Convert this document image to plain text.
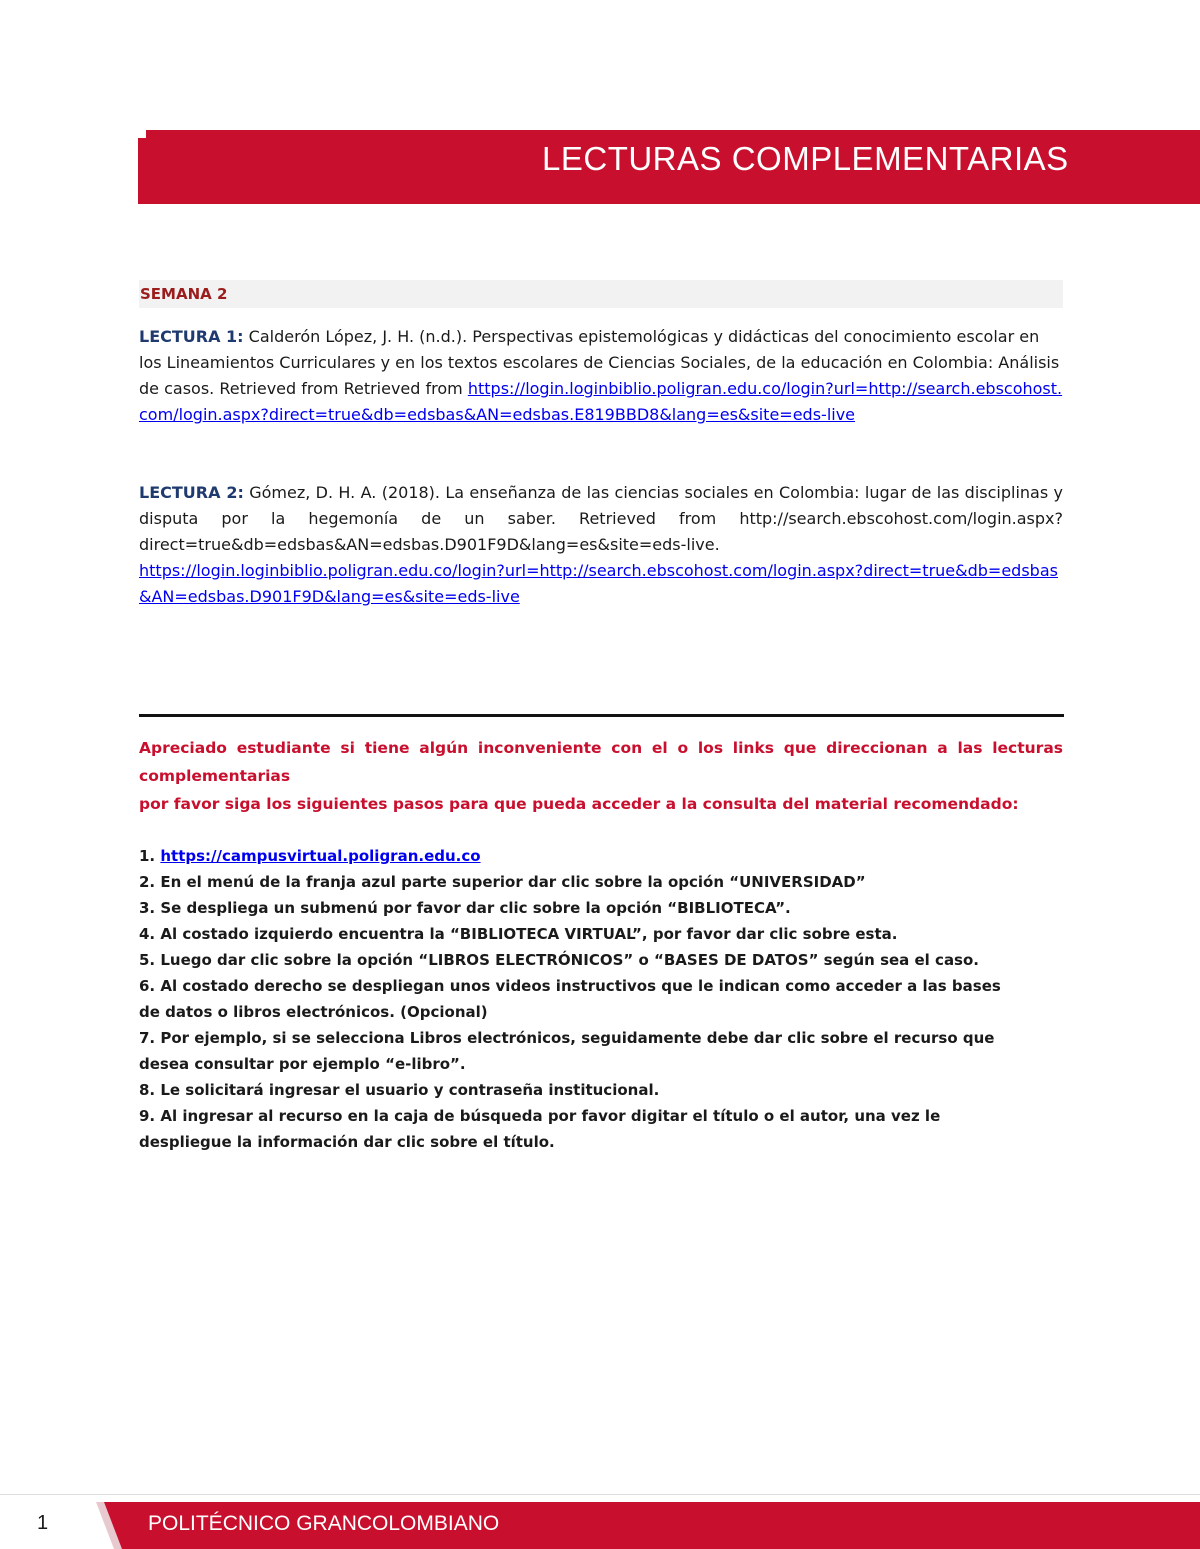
LECTURAS COMPLEMENTARIAS
SEMANA 2

LECTURA 1: Calderón López, J. H. (n.d.). Perspectivas epistemológicas y didácticas del conocimiento escolar en los Lineamientos Curriculares y en los textos escolares de Ciencias Sociales, de la educación en Colombia: Análisis de casos. Retrieved from Retrieved from https://login.loginbiblio.poligran.edu.co/login?url=http://search.ebscohost.com/login.aspx?direct=true&db=edsbas&AN=edsbas.E819BBD8&lang=es&site=eds-live

LECTURA 2: Gómez, D. H. A. (2018). La enseñanza de las ciencias sociales en Colombia: lugar de las disciplinas y disputa por la hegemonía de un saber. Retrieved from http://search.ebscohost.com/login.aspx?direct=true&db=edsbas&AN=edsbas.D901F9D&lang=es&site=eds-live.
https://login.loginbiblio.poligran.edu.co/login?url=http://search.ebscohost.com/login.aspx?direct=true&db=edsbas&AN=edsbas.D901F9D&lang=es&site=eds-live

Apreciado estudiante si tiene algún inconveniente con el o los links que direccionan a las lecturas complementarias
por favor siga los siguientes pasos para que pueda acceder a la consulta del material recomendado:
1. https://campusvirtual.poligran.edu.co
2. En el menú de la franja azul parte superior dar clic sobre la opción “UNIVERSIDAD”
3. Se despliega un submenú por favor dar clic sobre la opción “BIBLIOTECA”.
4. Al costado izquierdo encuentra la “BIBLIOTECA VIRTUAL”, por favor dar clic sobre esta.
5. Luego dar clic sobre la opción “LIBROS ELECTRÓNICOS” o “BASES DE DATOS” según sea el caso.
6. Al costado derecho se despliegan unos videos instructivos que le indican como acceder a las bases de datos o libros electrónicos. (Opcional)
7. Por ejemplo, si se selecciona Libros electrónicos, seguidamente debe dar clic sobre el recurso que desea consultar por ejemplo “e-libro”.
8. Le solicitará ingresar el usuario y contraseña institucional.
9. Al ingresar al recurso en la caja de búsqueda por favor digitar el título o el autor, una vez le despliegue la información dar clic sobre el título.
1	POLITÉCNICO GRANCOLOMBIANO
